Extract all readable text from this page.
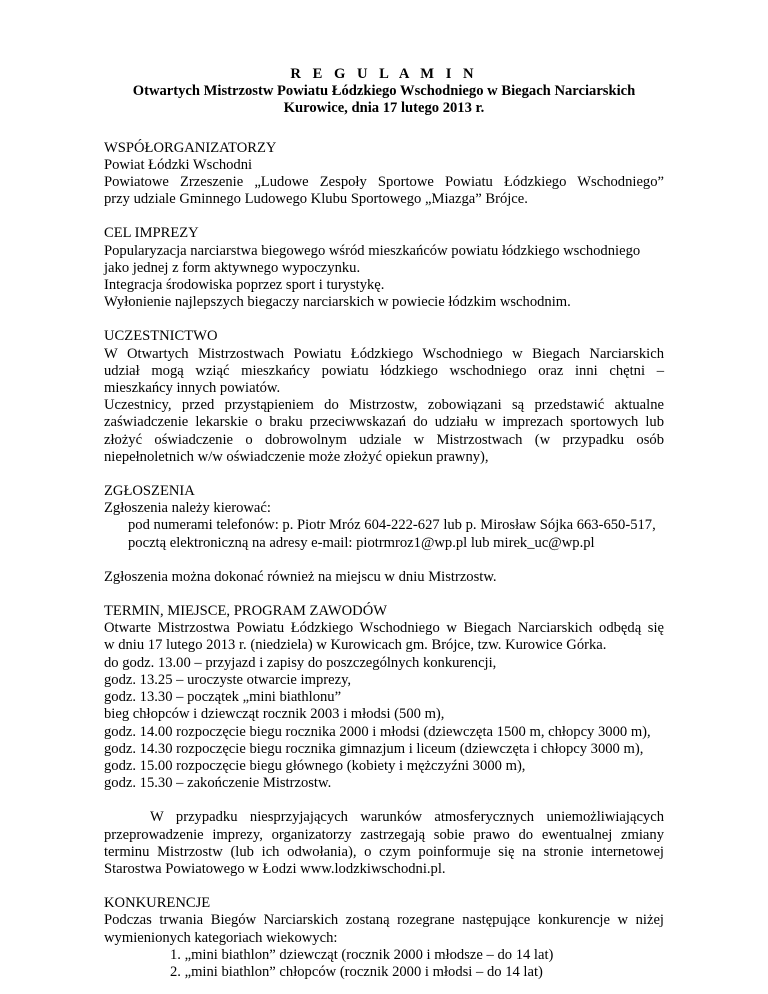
R E G U L A M I N
Otwartych Mistrzostw Powiatu Łódzkiego Wschodniego w Biegach Narciarskich
Kurowice, dnia 17 lutego 2013 r.
WSPÓŁORGANIZATORZY
Powiat Łódzki Wschodni
Powiatowe Zrzeszenie „Ludowe Zespoły Sportowe Powiatu Łódzkiego Wschodniego”
przy udziale Gminnego Ludowego Klubu Sportowego „Miazga” Brójce.
CEL IMPREZY
Popularyzacja narciarstwa biegowego wśród mieszkańców powiatu łódzkiego wschodniego
jako jednej z form aktywnego wypoczynku.
Integracja środowiska poprzez sport i turystykę.
Wyłonienie najlepszych biegaczy narciarskich w powiecie łódzkim wschodnim.
UCZESTNICTWO
W Otwartych Mistrzostwach Powiatu Łódzkiego Wschodniego w Biegach Narciarskich
udział mogą wziąć mieszkańcy powiatu łódzkiego wschodniego oraz inni chętni –
mieszkańcy innych powiatów.
Uczestnicy, przed przystąpieniem do Mistrzostw, zobowiązani są przedstawić aktualne
zaświadczenie lekarskie o braku przeciwwskazań do udziału w imprezach sportowych lub
złożyć oświadczenie o dobrowolnym udziale w Mistrzostwach (w przypadku osób
niepełnoletnich w/w oświadczenie może złożyć opiekun prawny),
ZGŁOSZENIA
Zgłoszenia należy kierować:
pod numerami telefonów: p. Piotr Mróz 604-222-627 lub p. Mirosław Sójka 663-650-517,
pocztą elektroniczną na adresy e-mail: piotrmroz1@wp.pl lub mirek_uc@wp.pl
Zgłoszenia można dokonać również na miejscu w dniu Mistrzostw.
TERMIN, MIEJSCE, PROGRAM ZAWODÓW
Otwarte Mistrzostwa Powiatu Łódzkiego Wschodniego w Biegach Narciarskich odbędą się
w dniu 17 lutego 2013 r. (niedziela) w Kurowicach gm. Brójce, tzw. Kurowice Górka.
do godz. 13.00 – przyjazd i zapisy do poszczególnych konkurencji,
godz. 13.25 – uroczyste otwarcie imprezy,
godz. 13.30 – początek „mini biathlonu”
bieg chłopców i dziewcząt rocznik 2003 i młodsi (500 m),
godz. 14.00 rozpoczęcie biegu rocznika 2000 i młodsi (dziewczęta 1500 m, chłopcy 3000 m),
godz. 14.30 rozpoczęcie biegu rocznika gimnazjum i liceum (dziewczęta i chłopcy 3000 m),
godz. 15.00 rozpoczęcie biegu głównego (kobiety i mężczyźni 3000 m),
godz. 15.30 – zakończenie Mistrzostw.
W przypadku niesprzyjających warunków atmosferycznych uniemożliwiających
przeprowadzenie imprezy, organizatorzy zastrzegają sobie prawo do ewentualnej zmiany
terminu Mistrzostw (lub ich odwołania), o czym poinformuje się na stronie internetowej
Starostwa Powiatowego w Łodzi www.lodzkiwschodni.pl.
KONKURENCJE
Podczas trwania Biegów Narciarskich zostaną rozegrane następujące konkurencje w niżej
wymienionych kategoriach wiekowych:
1. „mini biathlon” dziewcząt (rocznik 2000 i młodsze – do 14 lat)
2. „mini biathlon” chłopców (rocznik 2000 i młodsi – do 14 lat)
